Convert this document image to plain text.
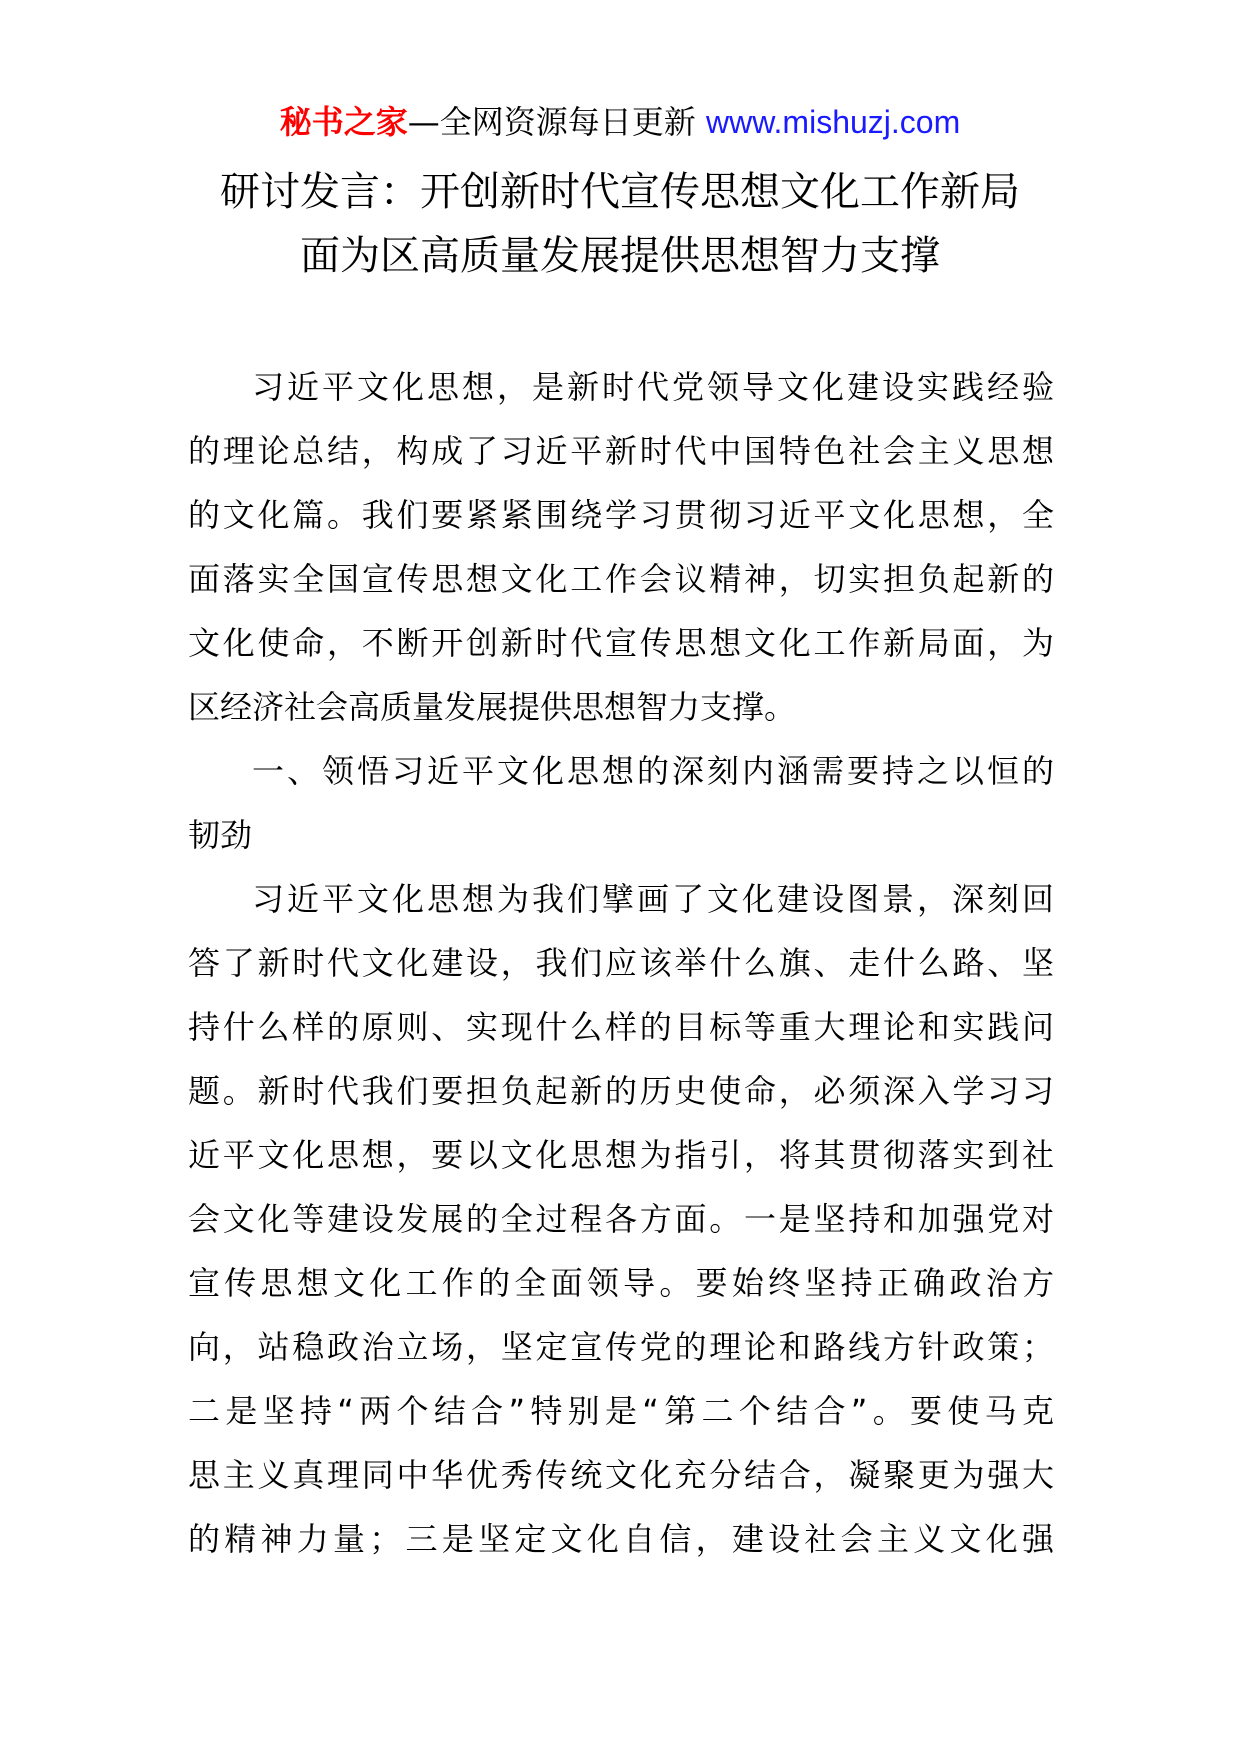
秘书之家—全网资源每日更新 www.mishuzj.com
研讨发言：开创新时代宣传思想文化工作新局
面为区高质量发展提供思想智力支撑
习近平文化思想，是新时代党领导文化建设实践经验
的理论总结，构成了习近平新时代中国特色社会主义思想
的文化篇。我们要紧紧围绕学习贯彻习近平文化思想，全
面落实全国宣传思想文化工作会议精神，切实担负起新的
文化使命，不断开创新时代宣传思想文化工作新局面，为
区经济社会高质量发展提供思想智力支撑。
一、领悟习近平文化思想的深刻内涵需要持之以恒的
韧劲
习近平文化思想为我们擘画了文化建设图景，深刻回
答了新时代文化建设，我们应该举什么旗、走什么路、坚
持什么样的原则、实现什么样的目标等重大理论和实践问
题。新时代我们要担负起新的历史使命，必须深入学习习
近平文化思想，要以文化思想为指引，将其贯彻落实到社
会文化等建设发展的全过程各方面。一是坚持和加强党对
宣传思想文化工作的全面领导。要始终坚持正确政治方
向，站稳政治立场，坚定宣传党的理论和路线方针政策；
二是坚持“两个结合”特别是“第二个结合”。要使马克
思主义真理同中华优秀传统文化充分结合，凝聚更为强大
的精神力量；三是坚定文化自信，建设社会主义文化强
